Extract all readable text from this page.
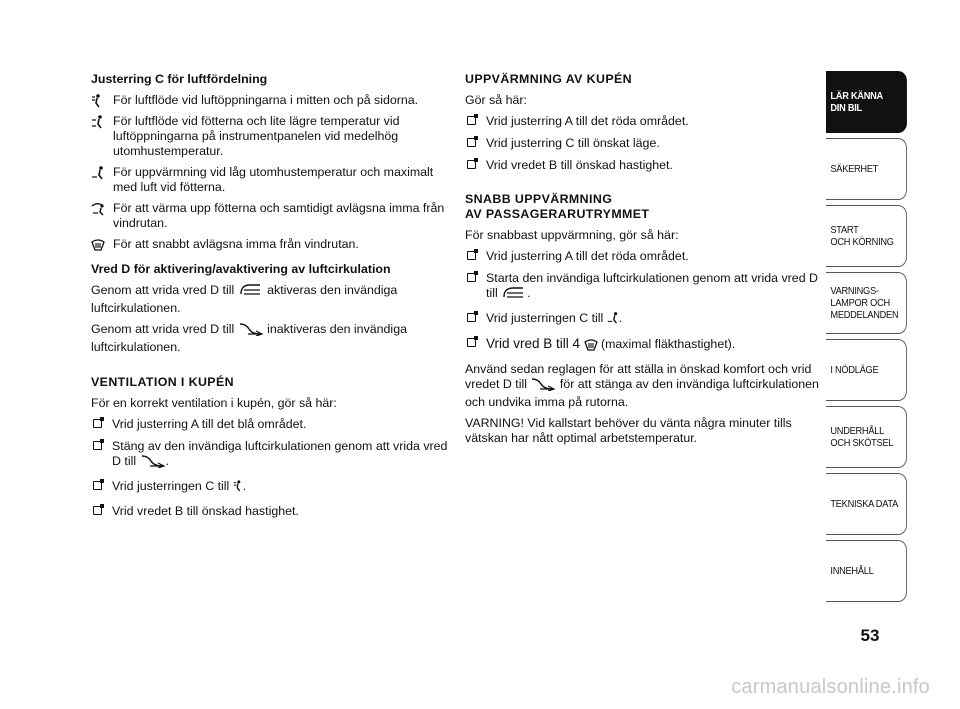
Justerring C för luftfördelning
För luftflöde vid luftöppningarna i mitten och på sidorna.
För luftflöde vid fötterna och lite lägre temperatur vid luftöppningarna på instrumentpanelen vid medelhög utomhustemperatur.
För uppvärmning vid låg utomhustemperatur och maximalt med luft vid fötterna.
För att värma upp fötterna och samtidigt avlägsna imma från vindrutan.
För att snabbt avlägsna imma från vindrutan.
Vred D för aktivering/avaktivering av luftcirkulation

Genom att vrida vred D till	aktiveras den invändiga luftcirkulationen.

Genom att vrida vred D till	inaktiveras den invändiga luftcirkulationen.

VENTILATION I KUPÉN

För en korrekt ventilation i kupén, gör så här:

Vrid justerring A till det blå området.
Stäng av den invändiga luftcirkulationen genom att vrida vred D till .
Vrid justerringen C till .
Vrid vredet B till önskad hastighet.
UPPVÄRMNING AV KUPÉN

Gör så här:

Vrid justerring A till det röda området.
Vrid justerring C till önskat läge.
Vrid vredet B till önskad hastighet.
SNABB UPPVÄRMNING
AV PASSAGERARUTRYMMET

För snabbast uppvärmning, gör så här:

Vrid justerring A till det röda området.
Starta den invändiga luftcirkulationen genom att vrida vred D till .
Vrid justerringen C till .
Vrid vred B till 4 (maximal fläkthastighet).

Använd sedan reglagen för att ställa in önskad komfort och vrid vredet D till	för att stänga av den invändiga luftcirkulationen och undvika imma på rutorna.

VARNING! Vid kallstart behöver du vänta några minuter tills vätskan har nått optimal arbetstemperatur.

LÄR KÄNNA
DIN BIL
SÄKERHET
START
OCH KÖRNING
VARNINGS-
LAMPOR OCH
MEDDELANDEN
I NÖDLÄGE
UNDERHÅLL
OCH SKÖTSEL
TEKNISKA DATA
INNEHÅLL
53
carmanualsonline.info
